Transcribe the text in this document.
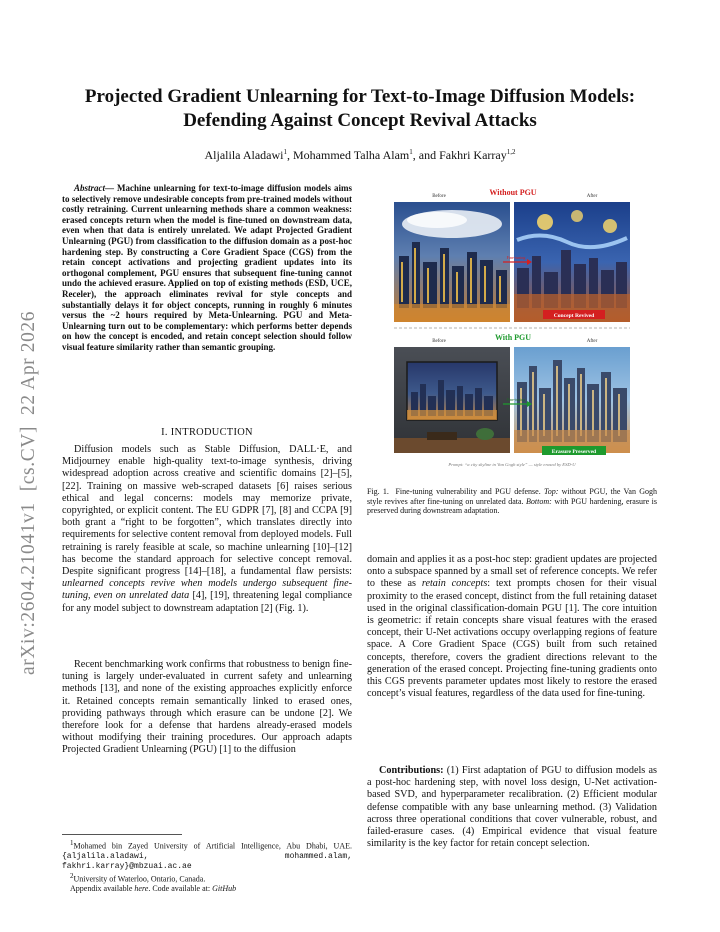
arXiv:2604.21041v1  [cs.CV]  22 Apr 2026
Projected Gradient Unlearning for Text-to-Image Diffusion Models:
Defending Against Concept Revival Attacks
Aljalila Aladawi$^1$, Mohammed Talha Alam$^1$, and Fakhri Karray$^{1,2}$
Abstract— Machine unlearning for text-to-image diffusion models aims to selectively remove undesirable concepts from pre-trained models without costly retraining. Current unlearning methods share a common weakness: erased concepts return when the model is fine-tuned on downstream data, even when that data is entirely unrelated. We adapt Projected Gradient Unlearning (PGU) from classification to the diffusion domain as a post-hoc hardening step. By constructing a Core Gradient Space (CGS) from the retain concept activations and projecting gradient updates into its orthogonal complement, PGU ensures that subsequent fine-tuning cannot undo the achieved erasure. Applied on top of existing methods (ESD, UCE, Receler), the approach eliminates revival for style concepts and substantially delays it for object concepts, running in roughly 6 minutes versus the ~2 hours required by Meta-Unlearning. PGU and Meta-Unlearning turn out to be complementary: which performs better depends on how the concept is encoded, and retain concept selection should follow visual feature similarity rather than semantic grouping.
I. INTRODUCTION
Diffusion models such as Stable Diffusion, DALL·E, and Midjourney enable high-quality text-to-image synthesis, driving widespread adoption across creative and scientific domains [2]–[5], [22]. Training on massive web-scraped datasets [6] raises serious ethical and legal concerns: models may memorize private, copyrighted, or explicit content. The EU GDPR [7], [8] and CCPA [9] both grant a “right to be forgotten”, which translates directly into requirements for selective content removal from deployed models. Full retraining is rarely feasible at scale, so machine unlearning [10]–[12] has become the standard approach for selective concept removal. Despite significant progress [14]–[18], a fundamental flaw persists: unlearned concepts revive when models undergo subsequent fine-tuning, even on unrelated data [4], [19], threatening legal compliance for any model subject to downstream adaptation [2] (Fig. 1).
Recent benchmarking work confirms that robustness to benign fine-tuning is largely under-evaluated in current safety and unlearning methods [13], and none of the existing approaches explicitly enforce it. Retained concepts remain semantically linked to erased ones, providing pathways through which erasure can be undone [2]. We therefore look for a defense that hardens already-erased models without modifying their training procedures. Our approach adapts Projected Gradient Unlearning (PGU) [1] to the diffusion
$^1$Mohamed bin Zayed University of Artificial Intelligence, Abu Dhabi, UAE. {aljalila.aladawi, mohammed.alam, fakhri.karray}@mbzuai.ac.ae
$^2$University of Waterloo, Ontario, Canada.
Appendix available here. Code available at: GitHub
Before	Without PGU	After
Concept Revived
Fine-tuning
Before	With PGU	After
Erasure Preserved
Fine-tuning
Prompt: “a city skyline in Van Gogh style” — style erased by ESD-U
Fig. 1. Fine-tuning vulnerability and PGU defense. Top: without PGU, the Van Gogh style revives after fine-tuning on unrelated data. Bottom: with PGU hardening, erasure is preserved during downstream adaptation.
domain and applies it as a post-hoc step: gradient updates are projected onto a subspace spanned by a small set of reference concepts. We refer to these as retain concepts: text prompts chosen for their visual proximity to the erased concept, distinct from the full retaining dataset used in the original classification-domain PGU [1]. The core intuition is geometric: if retain concepts share visual features with the erased concept, their U-Net activations occupy overlapping regions of feature space. A Core Gradient Space (CGS) built from such retained concepts, therefore, covers the gradient directions relevant to the generation of the erased concept. Projecting fine-tuning gradients onto this CGS prevents parameter updates most likely to restore the erased concept’s visual features, regardless of the data used for fine-tuning.
Contributions: (1) First adaptation of PGU to diffusion models as a post-hoc hardening step, with novel loss design, U-Net activation-based SVD, and hyperparameter recalibration. (2) Efficient modular defense compatible with any base unlearning method. (3) Validation across three operational conditions that cover vulnerable, robust, and failed-erasure cases. (4) Empirical evidence that visual feature similarity is the key factor for retain concept selection.
